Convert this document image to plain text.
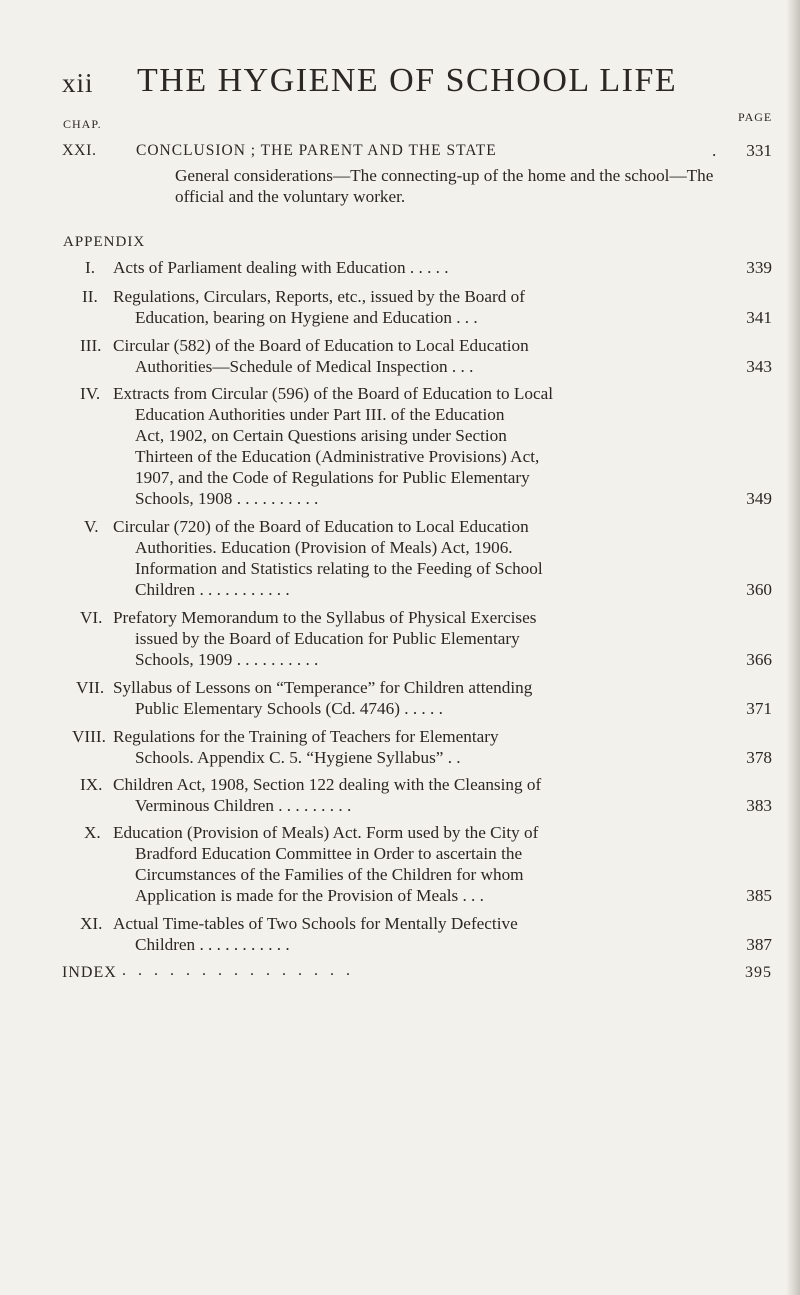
xii THE HYGIENE OF SCHOOL LIFE
CHAP.	PAGE
XXI.	CONCLUSION ; THE PARENT AND THE STATE	.	331
General considerations—The connecting-up of the home and the school—The official and the voluntary worker.
APPENDIX
I.	Acts of Parliament dealing with Education . . . . .	339
II. Regulations, Circulars, Reports, etc., issued by the Board of
Education, bearing on Hygiene and Education . . .	341
III. Circular (582) of the Board of Education to Local Education
Authorities—Schedule of Medical Inspection . . .	343
IV. Extracts from Circular (596) of the Board of Education to Local
Education Authorities under Part III. of the Education
Act, 1902, on Certain Questions arising under Section
Thirteen of the Education (Administrative Provisions) Act,
1907, and the Code of Regulations for Public Elementary
Schools, 1908 . . . . . . . . . .	349
V. Circular (720) of the Board of Education to Local Education
Authorities. Education (Provision of Meals) Act, 1906.
Information and Statistics relating to the Feeding of School
Children . . . . . . . . . . .	360
VI. Prefatory Memorandum to the Syllabus of Physical Exercises
issued by the Board of Education for Public Elementary
Schools, 1909 . . . . . . . . . .	366
VII. Syllabus of Lessons on “Temperance” for Children attending
Public Elementary Schools (Cd. 4746) . . . . .	371
VIII. Regulations for the Training of Teachers for Elementary
Schools. Appendix C. 5. “Hygiene Syllabus” . .	378
IX. Children Act, 1908, Section 122 dealing with the Cleansing of
Verminous Children . . . . . . . . .	383
X. Education (Provision of Meals) Act. Form used by the City of
Bradford Education Committee in Order to ascertain the
Circumstances of the Families of the Children for whom
Application is made for the Provision of Meals . . .	385
XI. Actual Time-tables of Two Schools for Mentally Defective
Children . . . . . . . . . . .	387
INDEX . . . . . . . . . . . . . . .	395
